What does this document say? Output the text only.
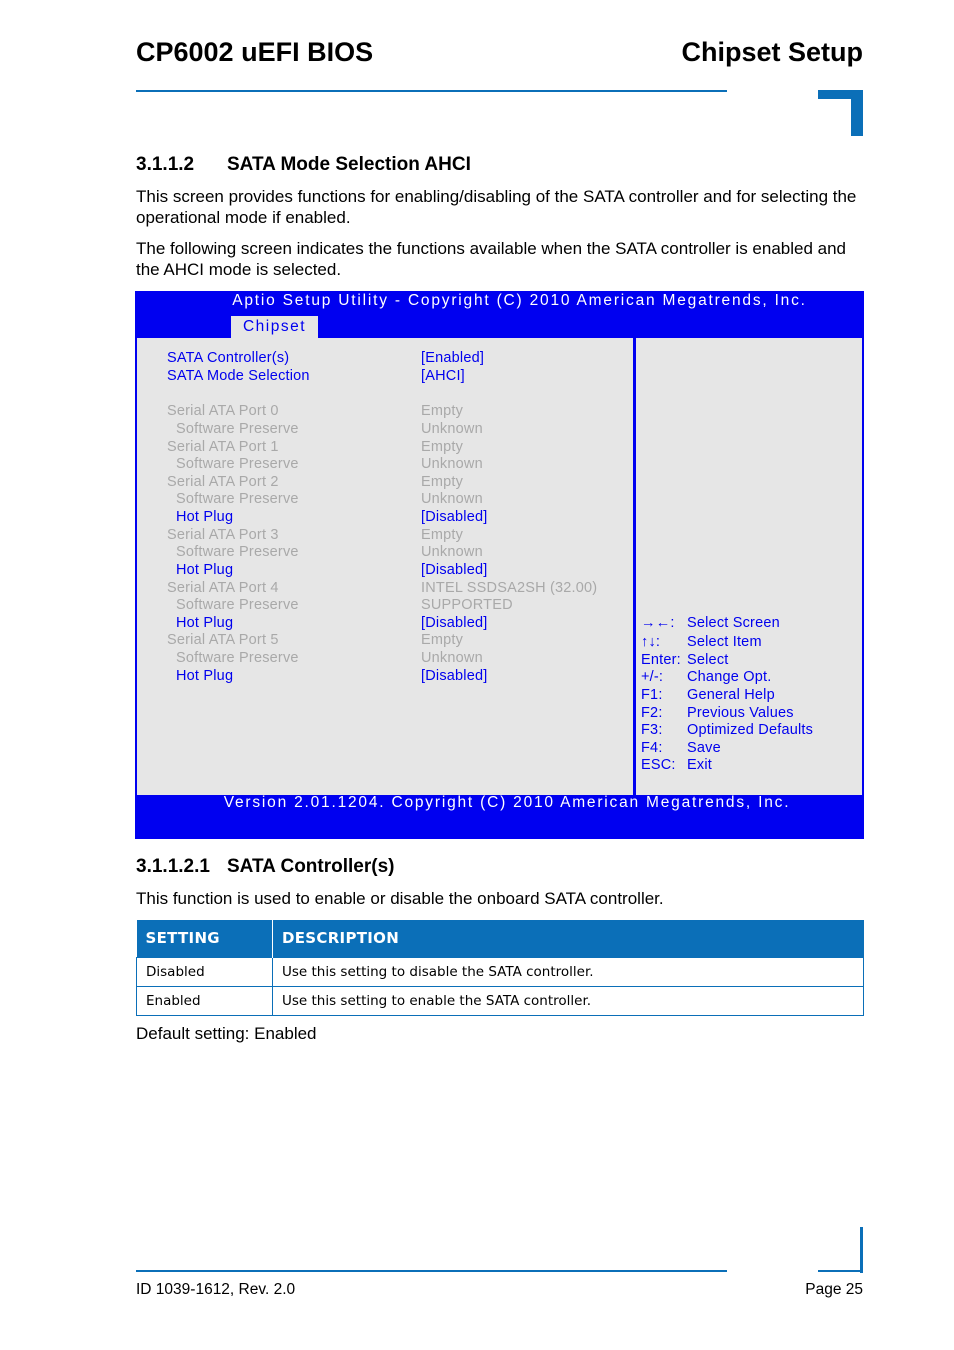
CP6002 uEFI BIOS	Chipset Setup
3.1.1.2 SATA Mode Selection AHCI

This screen provides functions for enabling/disabling of the SATA controller and for selecting the operational mode if enabled.

The following screen indicates the functions available when the SATA controller is enabled and the AHCI mode is selected.

Aptio Setup Utility - Copyright (C) 2010 American Megatrends, Inc.
Chipset
SATA Controller(s)	[Enabled]
SATA Mode Selection	[AHCI]
Serial ATA Port 0	Empty
Software Preserve	Unknown
Serial ATA Port 1	Empty
Software Preserve	Unknown
Serial ATA Port 2	Empty
Software Preserve	Unknown
Hot Plug	[Disabled]
Serial ATA Port 3	Empty
Software Preserve	Unknown
Hot Plug	[Disabled]
Serial ATA Port 4	INTEL SSDSA2SH (32.00)
Software Preserve	SUPPORTED
Hot Plug	[Disabled]
Serial ATA Port 5	Empty
Software Preserve	Unknown
Hot Plug	[Disabled]
→←: Select Screen
↑↓: Select Item
Enter: Select
+/-: Change Opt.
F1: General Help
F2: Previous Values
F3: Optimized Defaults
F4: Save
ESC: Exit
Version 2.01.1204. Copyright (C) 2010 American Megatrends, Inc.
3.1.1.2.1 SATA Controller(s)

This function is used to enable or disable the onboard SATA controller.

SETTING	DESCRIPTION
Disabled	Use this setting to disable the SATA controller.
Enabled	Use this setting to enable the SATA controller.

Default setting: Enabled

ID 1039-1612, Rev. 2.0	Page 25
